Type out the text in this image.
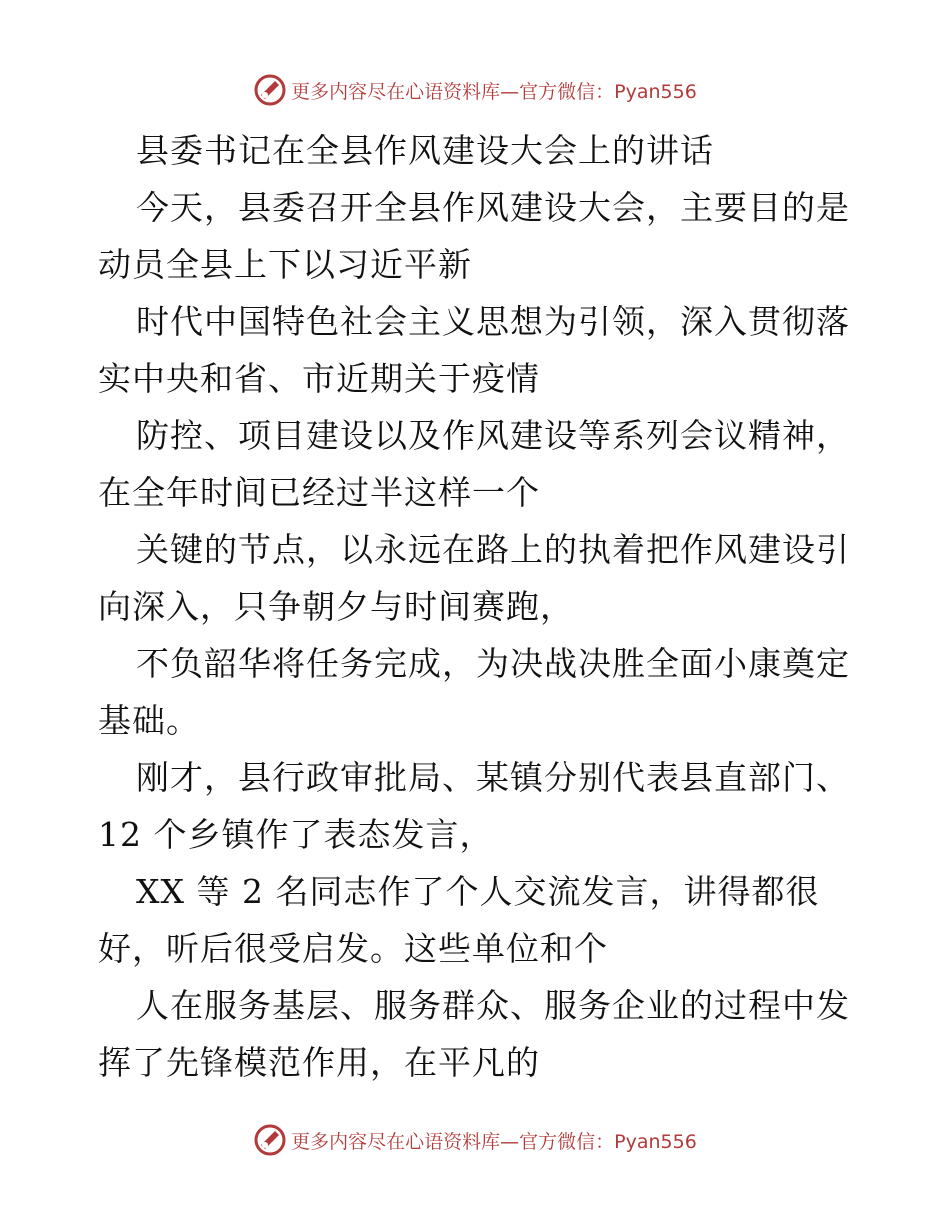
更多内容尽在心语资料库—官方微信：Pyan556
县委书记在全县作风建设大会上的讲话
今天，县委召开全县作风建设大会，主要目的是
动员全县上下以习近平新
时代中国特色社会主义思想为引领，深入贯彻落
实中央和省、市近期关于疫情
防控、项目建设以及作风建设等系列会议精神，
在全年时间已经过半这样一个
关键的节点，以永远在路上的执着把作风建设引
向深入，只争朝夕与时间赛跑，
不负韶华将任务完成，为决战决胜全面小康奠定
基础。
刚才，县行政审批局、某镇分别代表县直部门、
12 个乡镇作了表态发言，
XX 等 2 名同志作了个人交流发言，讲得都很
好，听后很受启发。这些单位和个
人在服务基层、服务群众、服务企业的过程中发
挥了先锋模范作用，在平凡的
更多内容尽在心语资料库—官方微信：Pyan556
